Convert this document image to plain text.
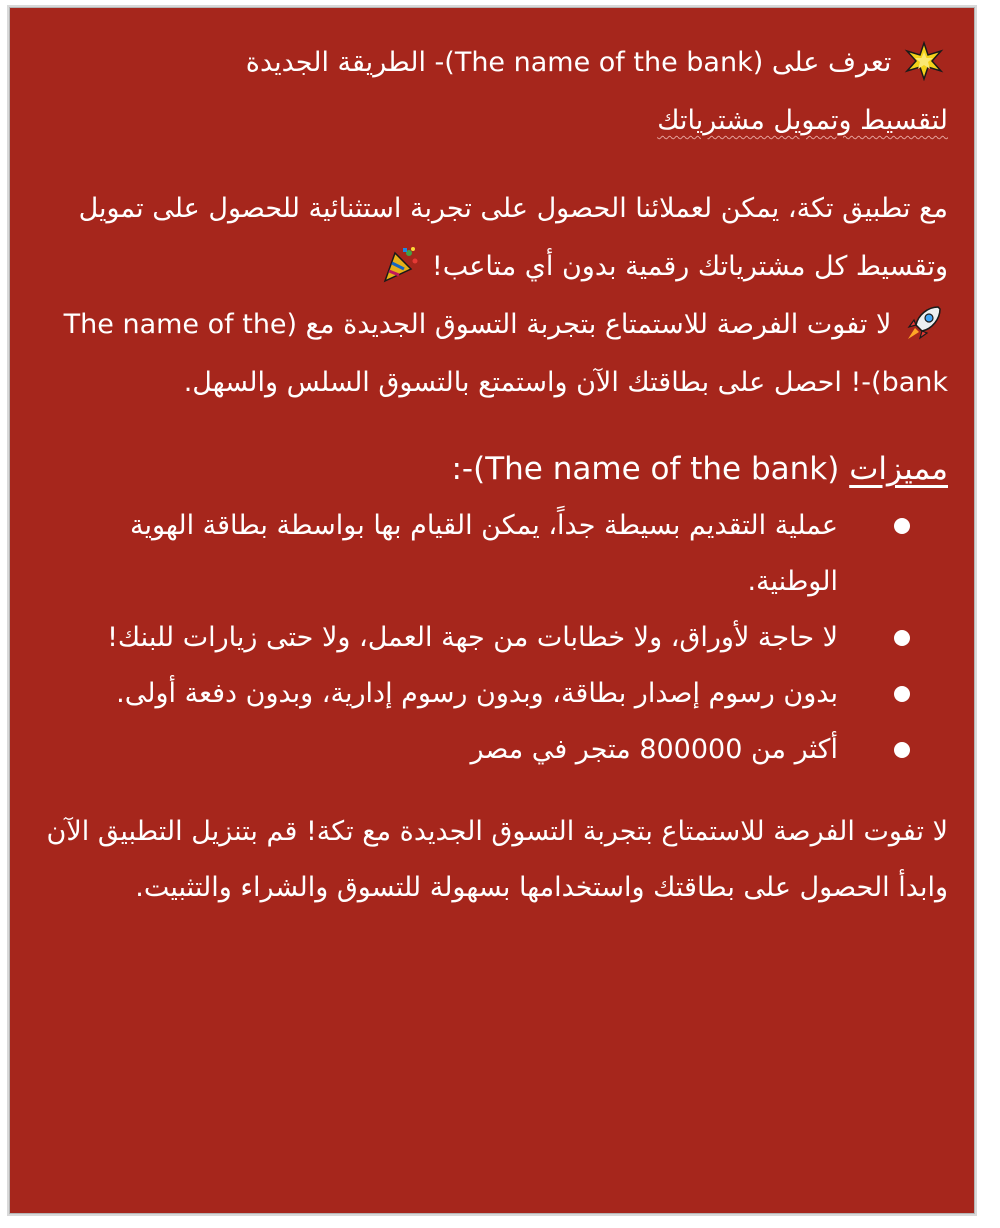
تعرف على (The name of the bank)- الطريقة الجديدة
لتقسيط وتمويل مشترياتك

مع تطبيق تكة، يمكن لعملائنا الحصول على تجربة استثنائية للحصول على تمويل وتقسيط كل مشترياتك رقمية بدون أي متاعب!

لا تفوت الفرصة للاستمتاع بتجربة التسوق الجديدة مع (The name of the bank)-! احصل على بطاقتك الآن واستمتع بالتسوق السلس والسهل.

مميزات (The name of the bank)-:

عملية التقديم بسيطة جداً، يمكن القيام بها بواسطة بطاقة الهوية الوطنية.
لا حاجة لأوراق، ولا خطابات من جهة العمل، ولا حتى زيارات للبنك!
بدون رسوم إصدار بطاقة، وبدون رسوم إدارية، وبدون دفعة أولى.
أكثر من 800000 متجر في مصر

لا تفوت الفرصة للاستمتاع بتجربة التسوق الجديدة مع تكة! قم بتنزيل التطبيق الآن وابدأ الحصول على بطاقتك واستخدامها بسهولة للتسوق والشراء والتثبيت.
